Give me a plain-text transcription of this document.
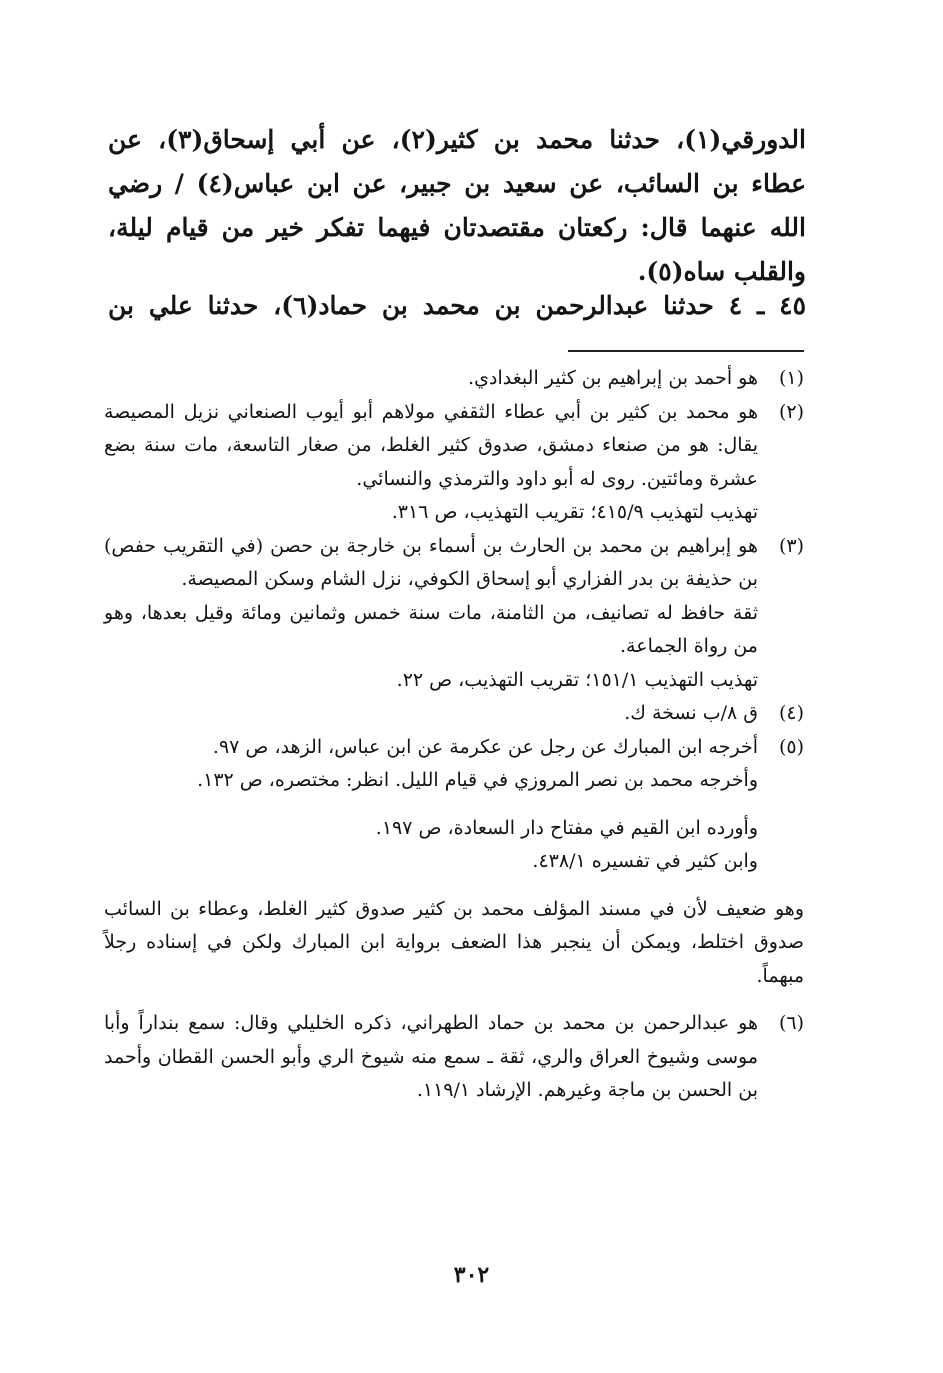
الدورقي(١)، حدثنا محمد بن كثير(٢)، عن أبي إسحاق(٣)، عن عطاء بن السائب، عن سعيد بن جبير، عن ابن عباس(٤) / رضي الله عنهما قال: ركعتان مقتصدتان فيهما تفكر خير من قيام ليلة، والقلب ساه(٥).

٤٥ ـ ٤ حدثنا عبدالرحمن بن محمد بن حماد(٦)، حدثنا علي بن
(١)
هو أحمد بن إبراهيم بن كثير البغدادي.
(٢)
هو محمد بن كثير بن أبي عطاء الثقفي مولاهم أبو أيوب الصنعاني نزيل المصيصة يقال: هو من صنعاء دمشق، صدوق كثير الغلط، من صغار التاسعة، مات سنة بضع عشرة ومائتين. روى له أبو داود والترمذي والنسائي.
تهذيب لتهذيب ٤١٥/٩؛ تقريب التهذيب، ص ٣١٦.
(٣)
هو إبراهيم بن محمد بن الحارث بن أسماء بن خارجة بن حصن (في التقريب حفص) بن حذيفة بن بدر الفزاري أبو إسحاق الكوفي، نزل الشام وسكن المصيصة.
ثقة حافظ له تصانيف، من الثامنة، مات سنة خمس وثمانين ومائة وقيل بعدها، وهو من رواة الجماعة.
تهذيب التهذيب ١٥١/١؛ تقريب التهذيب، ص ٢٢.
(٤)
ق ٨/ب نسخة ك.
(٥)
أخرجه ابن المبارك عن رجل عن عكرمة عن ابن عباس، الزهد، ص ٩٧.
وأخرجه محمد بن نصر المروزي في قيام الليل. انظر: مختصره، ص ١٣٢.
وأورده ابن القيم في مفتاح دار السعادة، ص ١٩٧.
وابن كثير في تفسيره ٤٣٨/١.
وهو ضعيف لأن في مسند المؤلف محمد بن كثير صدوق كثير الغلط، وعطاء بن السائب صدوق اختلط، ويمكن أن ينجبر هذا الضعف برواية ابن المبارك ولكن في إسناده رجلاً مبهماً.
(٦)
هو عبدالرحمن بن محمد بن حماد الطهراني، ذكره الخليلي وقال: سمع بنداراً وأبا موسى وشيوخ العراق والري، ثقة ـ سمع منه شيوخ الري وأبو الحسن القطان وأحمد بن الحسن بن ماجة وغيرهم. الإرشاد ١١٩/١.
٣٠٢
